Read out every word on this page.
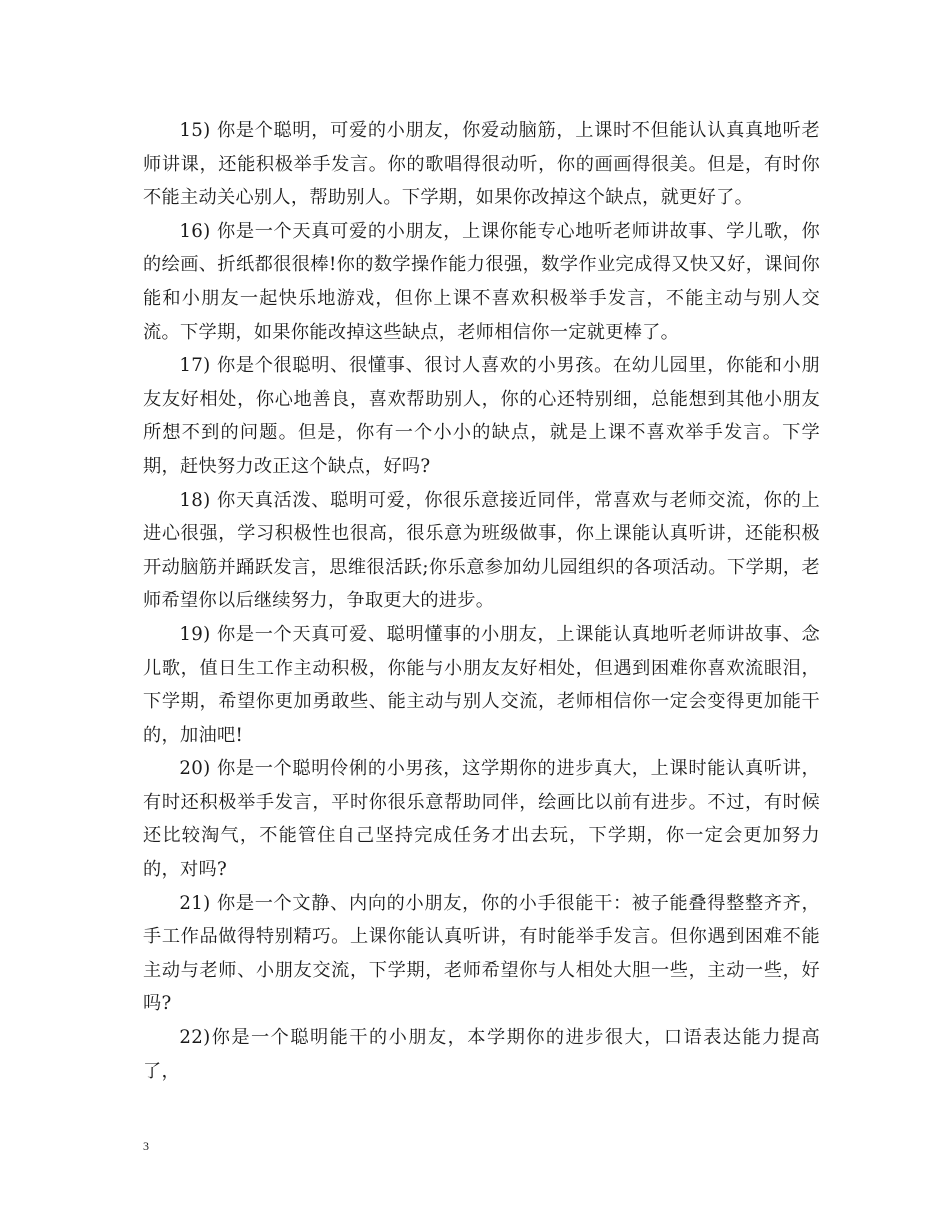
15) 你是个聪明，可爱的小朋友，你爱动脑筋，上课时不但能认认真真地听老师讲课，还能积极举手发言。你的歌唱得很动听，你的画画得很美。但是，有时你不能主动关心别人，帮助别人。下学期，如果你改掉这个缺点，就更好了。

16) 你是一个天真可爱的小朋友，上课你能专心地听老师讲故事、学儿歌，你的绘画、折纸都很很棒!你的数学操作能力很强，数学作业完成得又快又好，课间你能和小朋友一起快乐地游戏，但你上课不喜欢积极举手发言，不能主动与别人交流。下学期，如果你能改掉这些缺点，老师相信你一定就更棒了。

17) 你是个很聪明、很懂事、很讨人喜欢的小男孩。在幼儿园里，你能和小朋友友好相处，你心地善良，喜欢帮助别人，你的心还特别细，总能想到其他小朋友所想不到的问题。但是，你有一个小小的缺点，就是上课不喜欢举手发言。下学期，赶快努力改正这个缺点，好吗?

18) 你天真活泼、聪明可爱，你很乐意接近同伴，常喜欢与老师交流，你的上进心很强，学习积极性也很高，很乐意为班级做事，你上课能认真听讲，还能积极开动脑筋并踊跃发言，思维很活跃;你乐意参加幼儿园组织的各项活动。下学期，老师希望你以后继续努力，争取更大的进步。

19) 你是一个天真可爱、聪明懂事的小朋友，上课能认真地听老师讲故事、念儿歌，值日生工作主动积极，你能与小朋友友好相处，但遇到困难你喜欢流眼泪，下学期，希望你更加勇敢些、能主动与别人交流，老师相信你一定会变得更加能干的，加油吧!

20) 你是一个聪明伶俐的小男孩，这学期你的进步真大，上课时能认真听讲，有时还积极举手发言，平时你很乐意帮助同伴，绘画比以前有进步。不过，有时候还比较淘气，不能管住自己坚持完成任务才出去玩，下学期，你一定会更加努力的，对吗?

21) 你是一个文静、内向的小朋友，你的小手很能干：被子能叠得整整齐齐，手工作品做得特别精巧。上课你能认真听讲，有时能举手发言。但你遇到困难不能主动与老师、小朋友交流，下学期，老师希望你与人相处大胆一些，主动一些，好吗?

22)你是一个聪明能干的小朋友，本学期你的进步很大，口语表达能力提高了，

3
